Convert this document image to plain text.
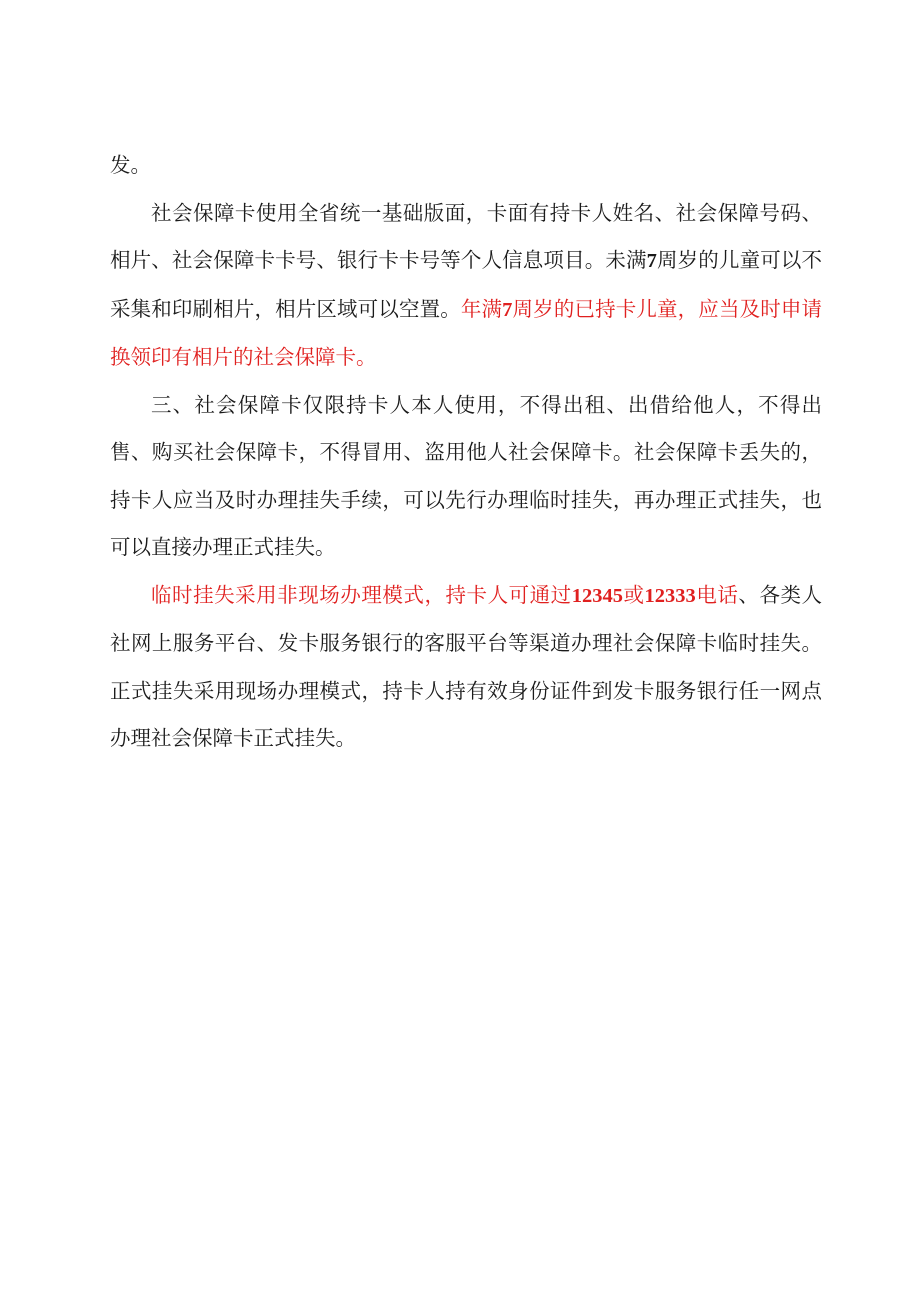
发。

社会保障卡使用全省统一基础版面，卡面有持卡人姓名、社会保障号码、相片、社会保障卡卡号、银行卡卡号等个人信息项目。未满7周岁的儿童可以不采集和印刷相片，相片区域可以空置。年满7周岁的已持卡儿童，应当及时申请换领印有相片的社会保障卡。

三、社会保障卡仅限持卡人本人使用，不得出租、出借给他人，不得出售、购买社会保障卡，不得冒用、盗用他人社会保障卡。社会保障卡丢失的，持卡人应当及时办理挂失手续，可以先行办理临时挂失，再办理正式挂失，也可以直接办理正式挂失。

临时挂失采用非现场办理模式，持卡人可通过12345或12333电话、各类人社网上服务平台、发卡服务银行的客服平台等渠道办理社会保障卡临时挂失。正式挂失采用现场办理模式，持卡人持有效身份证件到发卡服务银行任一网点办理社会保障卡正式挂失。
